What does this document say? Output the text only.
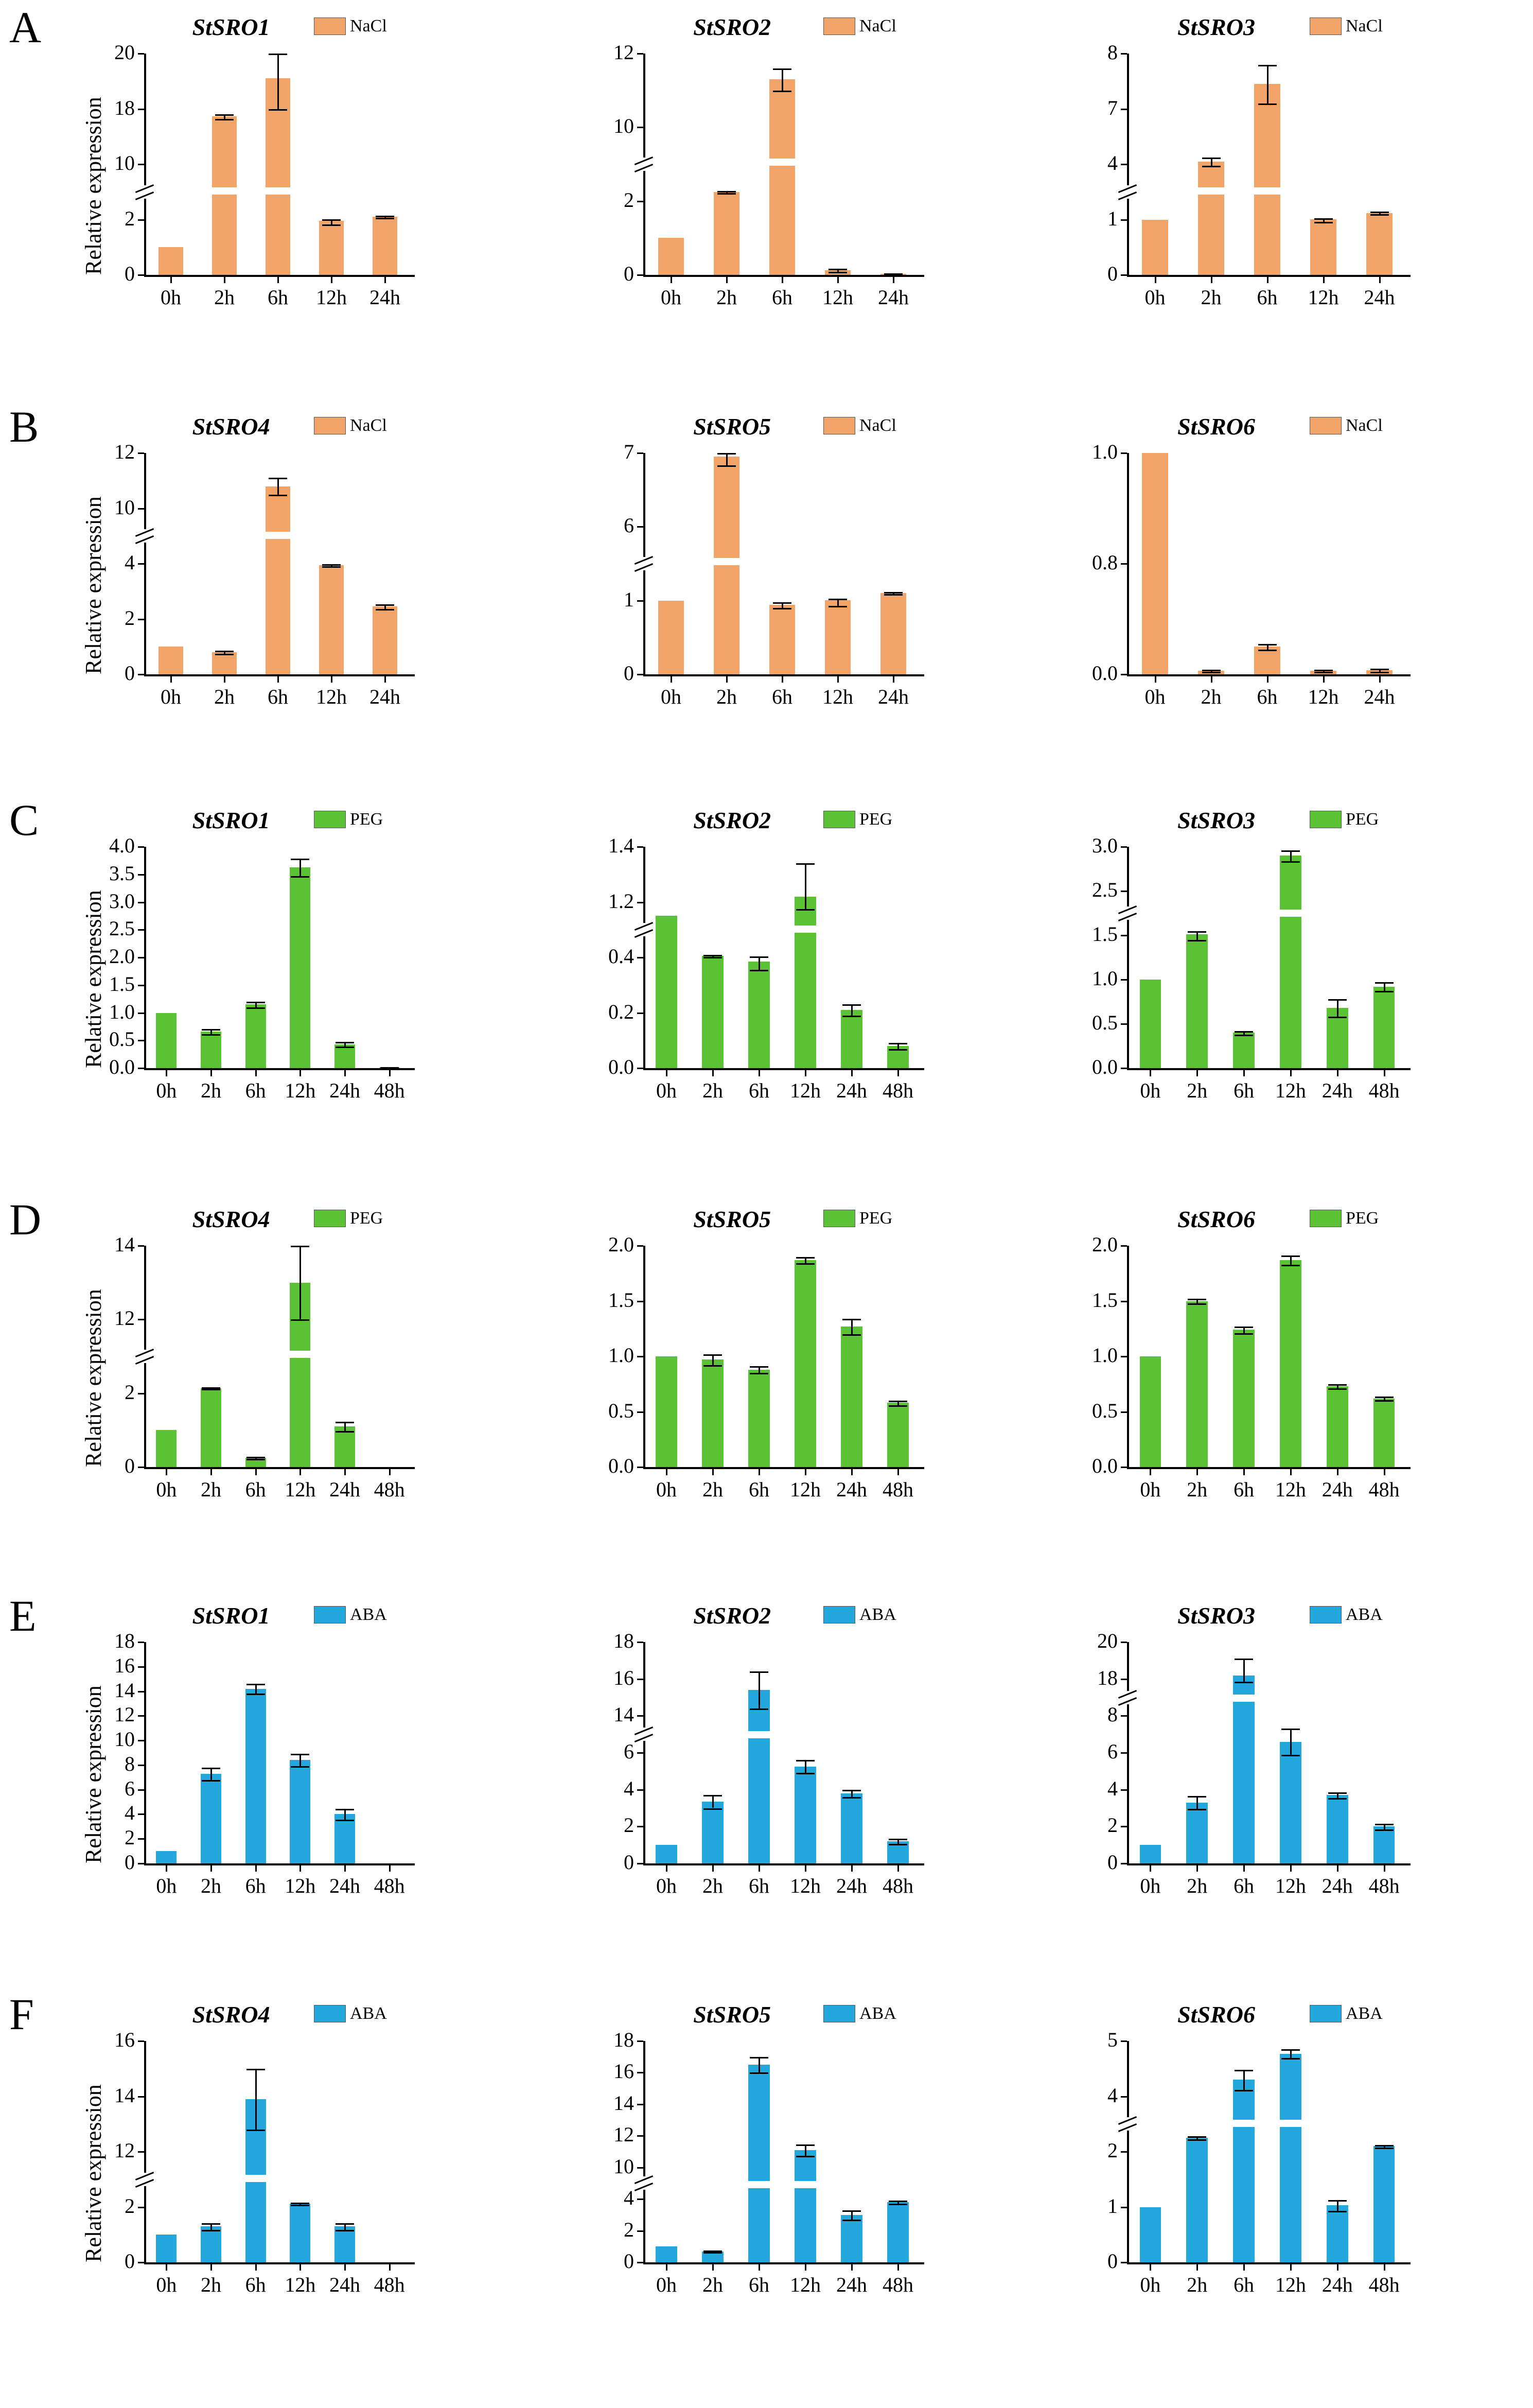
A
B
C
D
E
F
StSRO1	NaCl
Relative expression 0
2
10
18
20
0h	2h	6h	12h	24h
StSRO2	NaCl
0
2
10
12
0h	2h	6h	12h	24h
StSRO3	NaCl
0
1
4
7
8
0h	2h	6h	12h	24h
StSRO4	NaCl
Relative expression 0
2
4
10
12
0h	2h	6h	12h	24h
StSRO5	NaCl
0
1
6
7
0h	2h	6h	12h	24h
StSRO6	NaCl
0.0
0.8
1.0
0h	2h	6h	12h	24h
StSRO1	PEG
Relative expression 0.0
0.5
1.0
1.5
2.0
2.5
3.0
3.5
4.0
0h	2h	6h 12h 24h 48h
StSRO2	PEG
0.0
0.2
0.4
1.2
1.4
0h	2h	6h	12h 24h 48h
StSRO3	PEG
0.0
0.5
1.0
1.5
2.5
3.0
0h	2h	6h	12h 24h 48h
StSRO4	PEG
Relative expression 0
2
12
14
0h	2h	6h 12h 24h 48h
StSRO5	PEG
0.0
0.5
1.0
1.5
2.0
0h	2h	6h	12h 24h 48h
StSRO6	PEG
0.0
0.5
1.0
1.5
2.0
0h	2h	6h	12h 24h 48h
StSRO1	ABA
Relative expression 0
2
4
6
8
10
12
14
16
18
0h	2h	6h 12h 24h 48h
StSRO2	ABA
0
2
4
6
14
16
18
0h	2h	6h	12h 24h 48h
StSRO3	ABA
0
2
4
6
8
18
20
0h	2h	6h	12h 24h 48h
StSRO4	ABA
Relative expression 0
2
12
14
16
0h	2h	6h 12h 24h 48h
StSRO5	ABA
0
2
4
10
12
14
16
18
0h	2h	6h	12h 24h 48h
StSRO6	ABA
0
1
2
4
5
0h	2h	6h	12h 24h 48h
